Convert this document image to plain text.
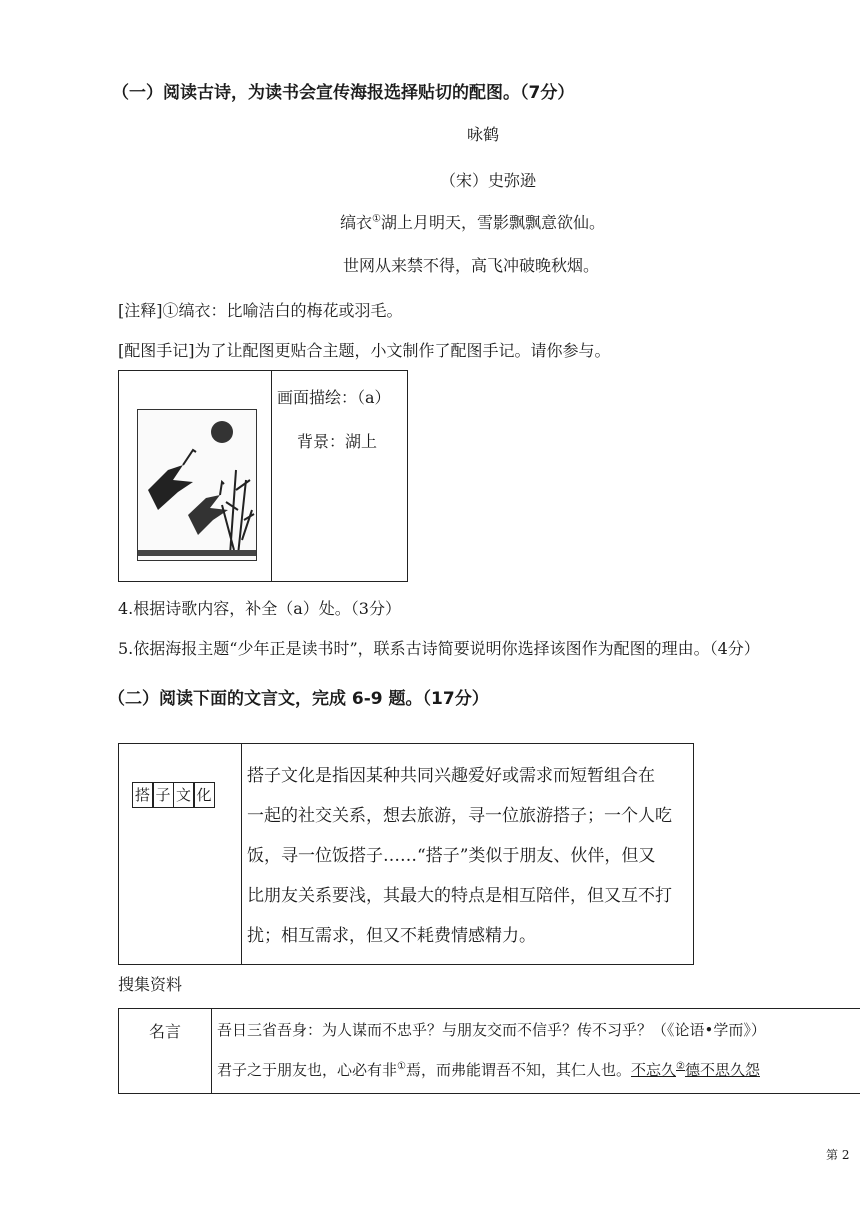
（一）阅读古诗，为读书会宣传海报选择贴切的配图。（7分）
咏鹤
（宋）史弥逊
缟衣①湖上月明天，雪影飘飘意欲仙。
世网从来禁不得，高飞冲破晚秋烟。
[注释]①缟衣：比喻洁白的梅花或羽毛。
[配图手记]为了让配图更贴合主题，小文制作了配图手记。请你参与。
画面描绘：（a）
背景：湖上
4.根据诗歌内容，补全（a）处。（3分）
5.依据海报主题“少年正是读书时”，联系古诗简要说明你选择该图作为配图的理由。（4分）
（二）阅读下面的文言文，完成 6-9 题。（17分）
搭 子 文 化
搭子文化是指因某种共同兴趣爱好或需求而短暂组合在
一起的社交关系，想去旅游，寻一位旅游搭子；一个人吃
饭，寻一位饭搭子……“搭子”类似于朋友、伙伴，但又
比朋友关系要浅，其最大的特点是相互陪伴，但又互不打
扰；相互需求，但又不耗费情感精力。
搜集资料
名言 吾日三省吾身：为人谋而不忠乎？与朋友交而不信乎？传不习乎？（《论语•学而》）
君子之于朋友也，心必有非①焉，而弗能谓吾不知，其仁人也。不忘久②德不思久怨
第 2
